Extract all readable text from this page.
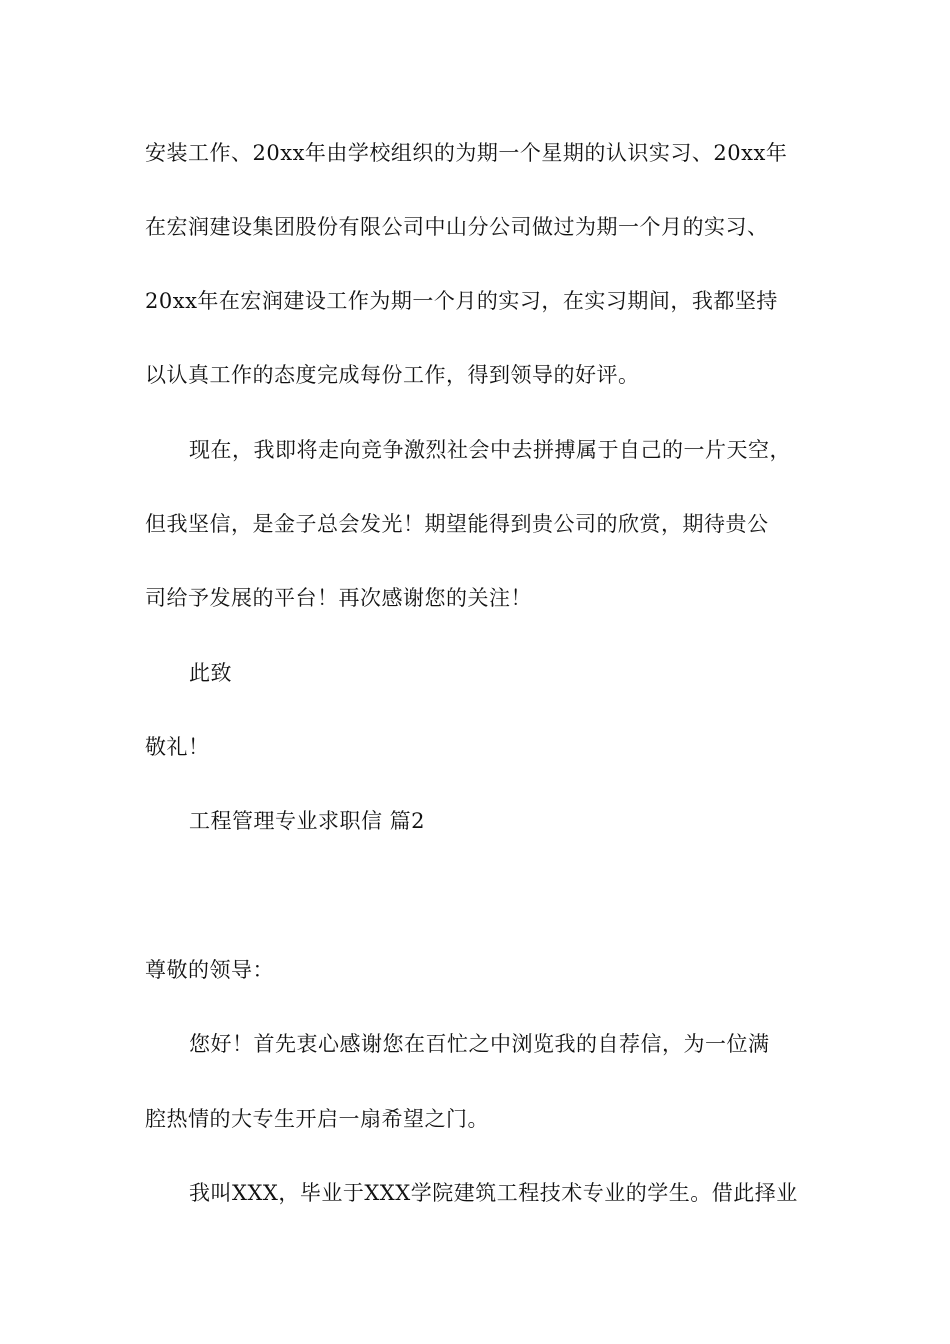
安装工作、20xx年由学校组织的为期一个星期的认识实习、20xx年
在宏润建设集团股份有限公司中山分公司做过为期一个月的实习、
20xx年在宏润建设工作为期一个月的实习，在实习期间，我都坚持
以认真工作的态度完成每份工作，得到领导的好评。
现在，我即将走向竞争激烈社会中去拼搏属于自己的一片天空，
但我坚信，是金子总会发光！期望能得到贵公司的欣赏，期待贵公
司给予发展的平台！再次感谢您的关注！
此致
敬礼！
工程管理专业求职信 篇2
尊敬的领导：
您好！首先衷心感谢您在百忙之中浏览我的自荐信，为一位满
腔热情的大专生开启一扇希望之门。
我叫XXX，毕业于XXX学院建筑工程技术专业的学生。借此择业
